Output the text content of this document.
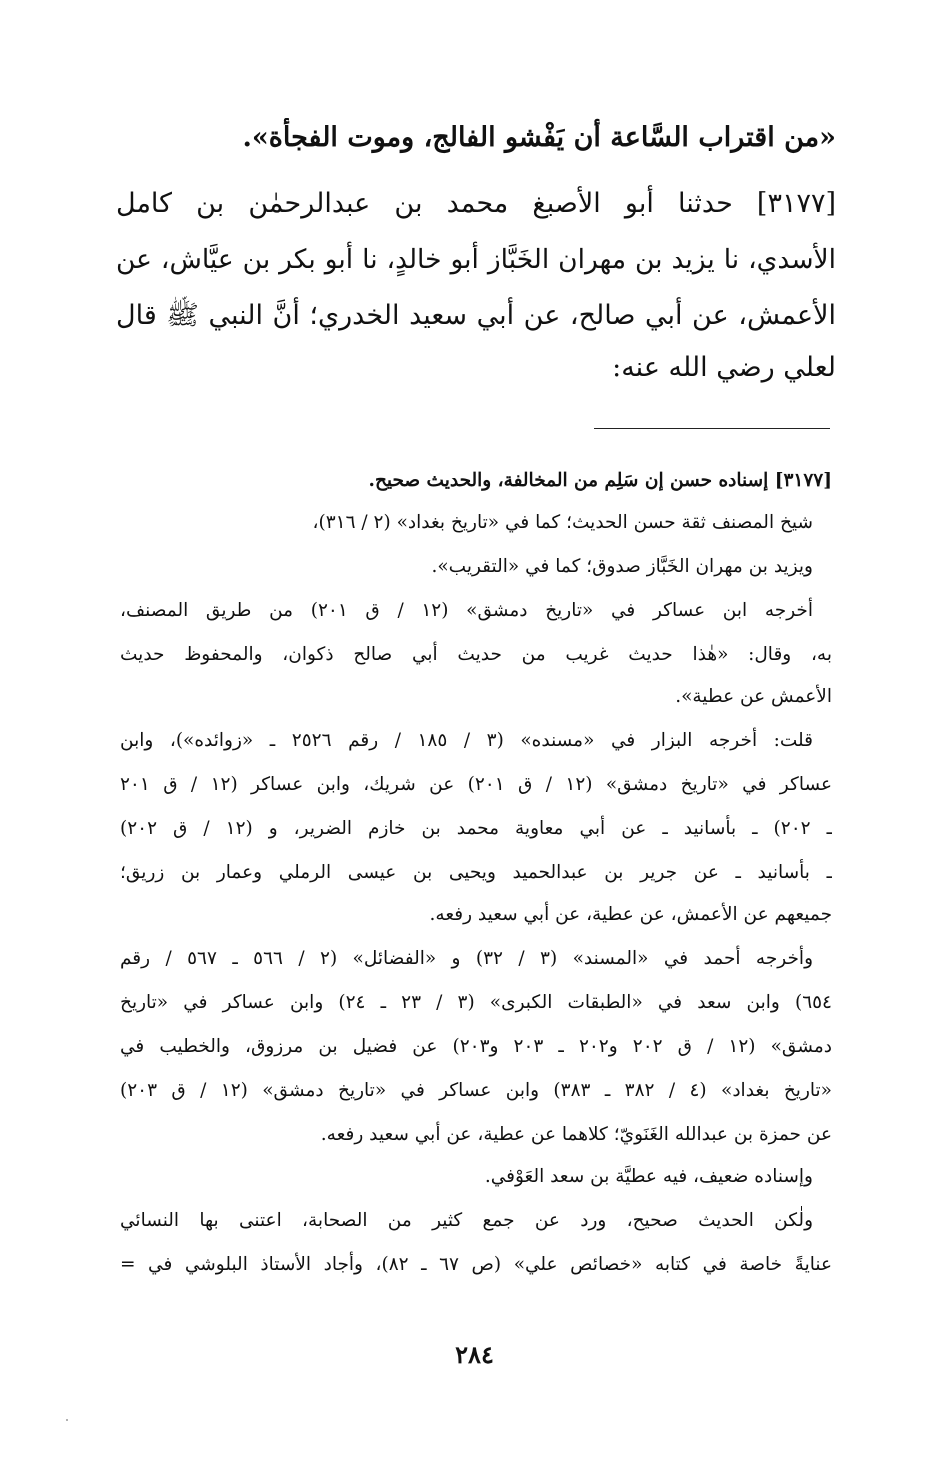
«من اقتراب السَّاعة أن يَفْشو الفالج، وموت الفجأة».
[٣١٧٧] حدثنا أبو الأصبغ محمد بن عبدالرحمٰن بن كامل
الأسدي، نا يزيد بن مهران الخَبَّاز أبو خالدٍ، نا أبو بكر بن عيَّاش، عن
الأعمش، عن أبي صالح، عن أبي سعيد الخدري؛ أنَّ النبي ﷺ قال
لعلي رضي الله عنه:
[٣١٧٧] إسناده حسن إن سَلِم من المخالفة، والحديث صحيح.
شيخ المصنف ثقة حسن الحديث؛ كما في «تاريخ بغداد» (٢ / ٣١٦)،
ويزيد بن مهران الخَبَّاز صدوق؛ كما في «التقريب».
أخرجه ابن عساكر في «تاريخ دمشق» (١٢ / ق ٢٠١) من طريق المصنف،
به، وقال: «هٰذا حديث غريب من حديث أبي صالح ذكوان، والمحفوظ حديث
الأعمش عن عطية».
قلت: أخرجه البزار في «مسنده» (٣ / ١٨٥ / رقم ٢٥٢٦ ـ «زوائده»)، وابن
عساكر في «تاريخ دمشق» (١٢ / ق ٢٠١) عن شريك، وابن عساكر (١٢ / ق ٢٠١
ـ ٢٠٢) ـ بأسانيد ـ عن أبي معاوية محمد بن خازم الضرير، و (١٢ / ق ٢٠٢)
ـ بأسانيد ـ عن جرير بن عبدالحميد ويحيى بن عيسى الرملي وعمار بن زريق؛
جميعهم عن الأعمش، عن عطية، عن أبي سعيد رفعه.
وأخرجه أحمد في «المسند» (٣ / ٣٢) و «الفضائل» (٢ / ٥٦٦ ـ ٥٦٧ / رقم
٦٥٤) وابن سعد في «الطبقات الكبرى» (٣ / ٢٣ ـ ٢٤) وابن عساكر في «تاريخ
دمشق» (١٢ / ق ٢٠٢ و٢٠٢ ـ ٢٠٣ و٢٠٣) عن فضيل بن مرزوق، والخطيب في
«تاريخ بغداد» (٤ / ٣٨٢ ـ ٣٨٣) وابن عساكر في «تاريخ دمشق» (١٢ / ق ٢٠٣)
عن حمزة بن عبدالله الغَنَويّ؛ كلاهما عن عطية، عن أبي سعيد رفعه.
وإسناده ضعيف، فيه عطيَّة بن سعد العَوْفي.
ولٰكن الحديث صحيح، ورد عن جمع كثير من الصحابة، اعتنى بها النسائي
عنايةً خاصة في كتابه «خصائص علي» (ص ٦٧ ـ ٨٢)، وأجاد الأستاذ البلوشي في =
٢٨٤
